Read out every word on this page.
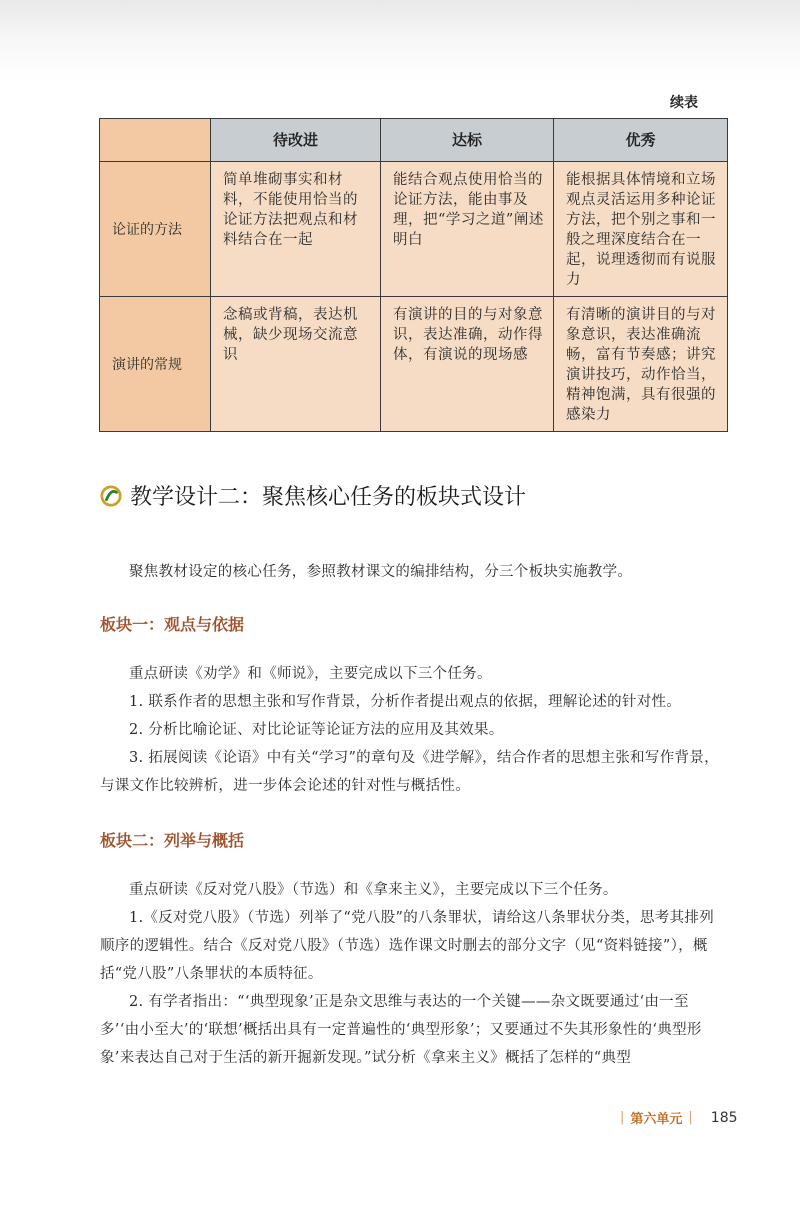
续表
	待改进	达标	优秀
论证的方法	简单堆砌事实和材料，不能使用恰当的论证方法把观点和材料结合在一起	能结合观点使用恰当的论证方法，能由事及理，把“学习之道”阐述明白	能根据具体情境和立场观点灵活运用多种论证方法，把个别之事和一般之理深度结合在一起，说理透彻而有说服力
演讲的常规	念稿或背稿，表达机械，缺少现场交流意识	有演讲的目的与对象意识，表达准确，动作得体，有演说的现场感	有清晰的演讲目的与对象意识，表达准确流畅，富有节奏感；讲究演讲技巧，动作恰当，精神饱满，具有很强的感染力
教学设计二：聚焦核心任务的板块式设计

聚焦教材设定的核心任务，参照教材课文的编排结构，分三个板块实施教学。

板块一：观点与依据

重点研读《劝学》和《师说》，主要完成以下三个任务。

1. 联系作者的思想主张和写作背景，分析作者提出观点的依据，理解论述的针对性。

2. 分析比喻论证、对比论证等论证方法的应用及其效果。

3. 拓展阅读《论语》中有关“学习”的章句及《进学解》，结合作者的思想主张和写作背景，与课文作比较辨析，进一步体会论述的针对性与概括性。

板块二：列举与概括

重点研读《反对党八股》（节选）和《拿来主义》，主要完成以下三个任务。

1.《反对党八股》（节选）列举了“党八股”的八条罪状，请给这八条罪状分类，思考其排列顺序的逻辑性。结合《反对党八股》（节选）选作课文时删去的部分文字（见“资料链接”），概括“党八股”八条罪状的本质特征。

2. 有学者指出：“‘典型现象’正是杂文思维与表达的一个关键——杂文既要通过‘由一至多’‘由小至大’的‘联想’概括出具有一定普遍性的‘典型形象’；又要通过不失其形象性的‘典型形象’来表达自己对于生活的新开掘新发现。”试分析《拿来主义》概括了怎样的“典型

| 第六单元 | 185
